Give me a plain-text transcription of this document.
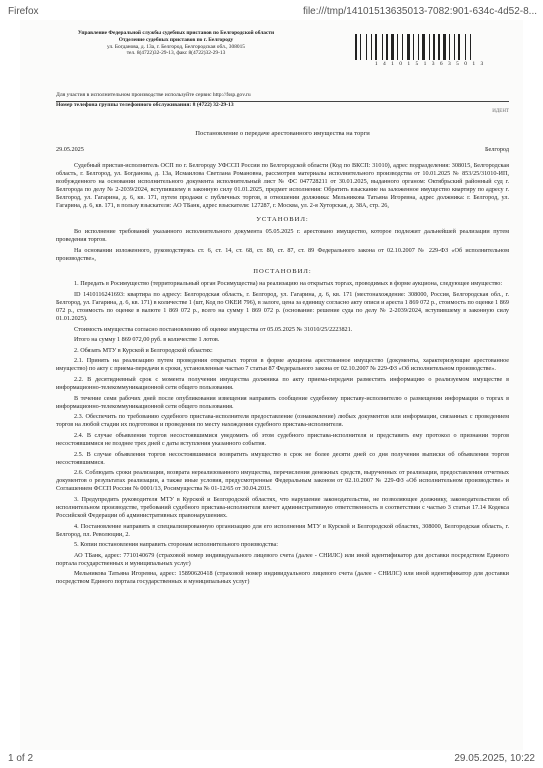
Firefox	file:///tmp/14101513635013-7082:901-634c-4d52-8...
Управление Федеральной службы судебных приставов по Белгородской области
Отделение судебных приставов по г. Белгороду
ул. Богданова, д. 13а, г. Белгород, Белгородская обл., 308015
тел. 8(4722)32-29-13, факс 8(4722)32-29-13
1 4 1 0 1 5 1 3 6 3 5 0 1 3
Для участия в исполнительном производстве используйте сервис http://fssp.gov.ru
Номер телефона группы телефонного обслуживания: 8 (4722) 32-29-13
ИДЕНТ
Постановление о передаче арестованного имущества на торги
29.05.2025	Белгород

Судебный пристав-исполнитель ОСП по г. Белгороду УФССП России по Белгородской области (Код по ВКСП: 31010), адрес подразделения: 308015, Белгородская область, г. Белгород, ул. Богданова, д. 13а, Исмаилова Светлана Романовна, рассмотрев материалы исполнительного производства от 10.01.2025 № 853/25/31010-ИП, возбужденного на основании исполнительного документа исполнительный лист № ФС 047728211 от 30.01.2025, выданного органом: Октябрьский районный суд г. Белгорода по делу № 2-2039/2024, вступившему в законную силу 01.01.2025, предмет исполнения: Обратить взыскание на заложенное имущество квартиру по адресу г. Белгород, ул. Гагарина, д. 6, кв. 171, путем продажи с публичных торгов, в отношении должника: Мельникова Татьяна Игоревна, адрес должника: г. Белгород, ул. Гагарина, д. 6, кв. 171, в пользу взыскателя: АО ТБанк, адрес взыскателя: 127287, г. Москва, ул. 2-я Хуторская, д. 38А, стр. 26,

УСТАНОВИЛ:

Во исполнение требований указанного исполнительного документа 05.05.2025 г. арестовано имущество, которое подлежит дальнейшей реализации путем проведения торгов.

На основании изложенного, руководствуясь ст. 6, ст. 14, ст. 68, ст. 80, ст. 87, ст. 89 Федерального закона от 02.10.2007 № 229-ФЗ «Об исполнительном производстве»,

ПОСТАНОВИЛ:

1. Передать в Росимущество (территориальный орган Росимущества) на реализацию на открытых торгах, проводимых в форме аукциона, следующее имущество:

ID 1410116241693: квартира по адресу: Белгородская область, г. Белгород, ул. Гагарина, д. 6, кв. 171 (местонахождение: 308000, Россия, Белгородская обл., г. Белгород, ул. Гагарина, д. 6, кв. 171) в количестве 1 (шт, Код по ОКЕИ 796), в залоге, цена за единицу согласно акту описи и ареста 1 869 072 р., стоимость по оценке 1 869 072 р., стоимость по оценке в валюте 1 869 072 р., всего на сумму 1 869 072 р. (основание: решение суда по делу № 2-2039/2024, вступившему в законную силу 01.01.2025).

Стоимость имущества согласно постановлению об оценке имущества от 05.05.2025 № 31010/25/2223821.

Итого на сумму 1 869 072,00 руб. в количестве 1 лотов.

2. Обязать МТУ в Курской и Белгородской областях:

2.1. Принять на реализацию путем проведения открытых торгов в форме аукциона арестованное имущество (документы, характеризующие арестованное имущество) по акту с приема-передачи в сроки, установленные частью 7 статьи 87 Федерального закона от 02.10.2007 № 229-ФЗ «Об исполнительном производстве».

2.2. В десятидневный срок с момента получения имущества должника по акту приема-передачи разместить информацию о реализуемом имуществе в информационно-телекоммуникационной сети общего пользования.

В течение семи рабочих дней после опубликования извещения направить сообщение судебному приставу-исполнителю о размещении информации о торгах в информационно-телекоммуникационной сети общего пользования.

2.3. Обеспечить по требованию судебного пристава-исполнителя предоставление (ознакомление) любых документов или информации, связанных с проведением торгов на любой стадии их подготовки и проведения по месту нахождения судебного пристава-исполнителя.

2.4. В случае объявления торгов несостоявшимися уведомить об этом судебного пристава-исполнителя и представить ему протокол о признании торгов несостоявшимися не позднее трех дней с даты вступления указанного события.

2.5. В случае объявления торгов несостоявшимися возвратить имущество в срок не более десяти дней со дня получения выписки об объявлении торгов несостоявшимися.

2.6. Соблюдать сроки реализации, возврата нереализованного имущества, перечисления денежных средств, вырученных от реализации, предоставления отчетных документов о результатах реализации, а также иные условия, предусмотренные Федеральным законом от 02.10.2007 № 229-ФЗ «Об исполнительном производстве» и Соглашением ФССП России № 0001/13, Росимущества № 01-12/65 от 30.04.2015.

3. Предупредить руководителя МТУ в Курской и Белгородской областях, что нарушение законодательства, не позволяющее должнику, законодательством об исполнительном производстве, требований судебного пристава-исполнителя влечет административную ответственность в соответствии с частью 3 статьи 17.14 Кодекса Российской Федерации об административных правонарушениях.

4. Постановление направить в специализированную организацию для его исполнения МТУ в Курской и Белгородской областях, 308000, Белгородская область, г. Белгород, пл. Революции, 2.

5. Копии постановления направить сторонам исполнительного производства:

АО ТБанк, адрес: 7710140679 (страховой номер индивидуального лицевого счета (далее - СНИЛС) или иной идентификатор для доставки посредством Единого портала государственных и муниципальных услуг)

Мельникова Татьяна Игоревна, адрес: 15890620418 (страховой номер индивидуального лицевого счета (далее - СНИЛС) или иной идентификатор для доставки посредством Единого портала государственных и муниципальных услуг)

1 of 2	29.05.2025, 10:22
